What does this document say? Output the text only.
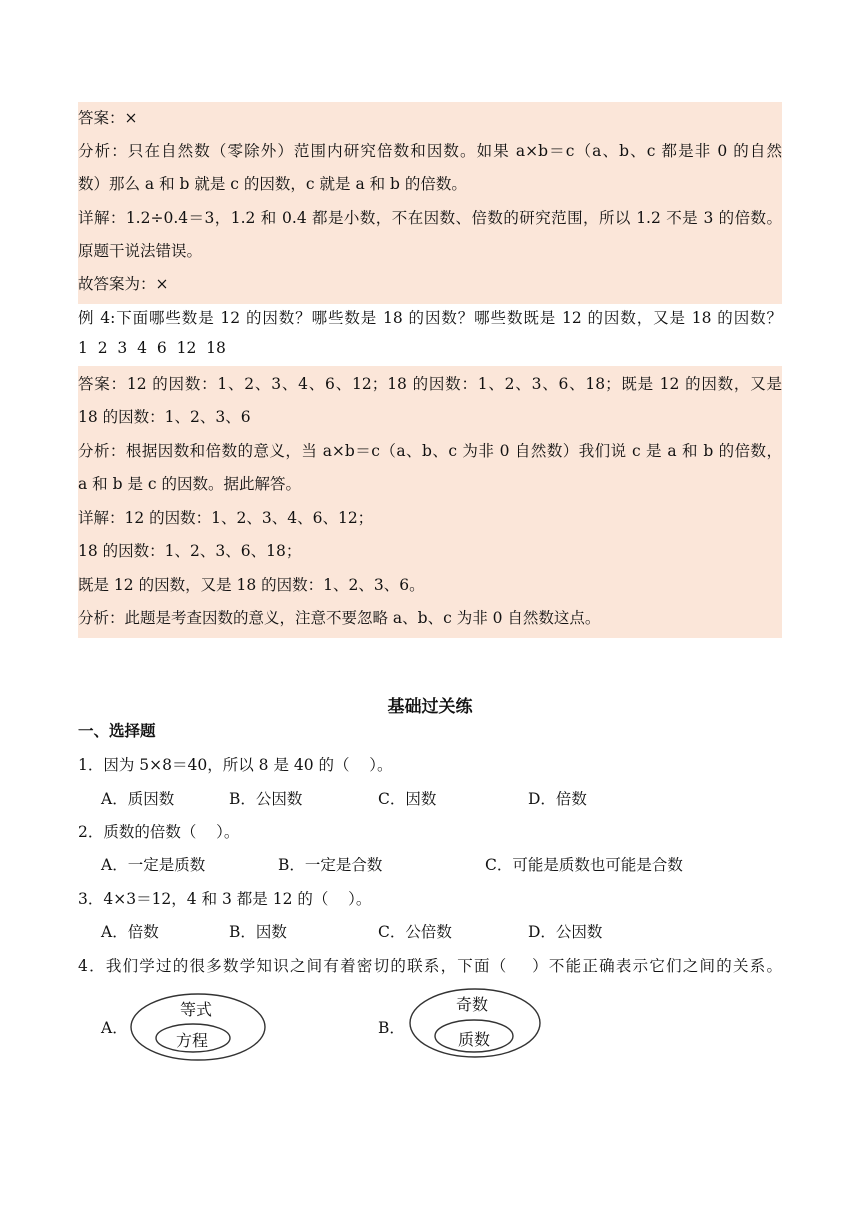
答案：×
分析：只在自然数（零除外）范围内研究倍数和因数。如果 a×b＝c（a、b、c 都是非 0 的自然
数）那么 a 和 b 就是 c 的因数，c 就是 a 和 b 的倍数。
详解：1.2÷0.4＝3，1.2 和 0.4 都是小数，不在因数、倍数的研究范围，所以 1.2 不是 3 的倍数。
原题干说法错误。
故答案为：×
例 4:下面哪些数是 12 的因数？哪些数是 18 的因数？哪些数既是 12 的因数，又是 18 的因数？
1  2  3  4  6  12  18
答案：12 的因数：1、2、3、4、6、12；18 的因数：1、2、3、6、18；既是 12 的因数，又是
18 的因数：1、2、3、6
分析：根据因数和倍数的意义，当 a×b＝c（a、b、c 为非 0 自然数）我们说 c 是 a 和 b 的倍数，
a 和 b 是 c 的因数。据此解答。
详解：12 的因数：1、2、3、4、6、12；
18 的因数：1、2、3、6、18；
既是 12 的因数，又是 18 的因数：1、2、3、6。
分析：此题是考查因数的意义，注意不要忽略 a、b、c 为非 0 自然数这点。
基础过关练
一、选择题
1．因为 5×8＝40，所以 8 是 40 的（    ）。
A．质因数	B．公因数	C．因数	D．倍数
2．质数的倍数（    ）。
A．一定是质数	B．一定是合数	C．可能是质数也可能是合数
3．4×3＝12，4 和 3 都是 12 的（    ）。
A．倍数	B．因数	C．公倍数	D．公因数
4．我们学过的很多数学知识之间有着密切的联系，下面（    ）不能正确表示它们之间的关系。
A．
等式
方程
B．
奇数
质数
